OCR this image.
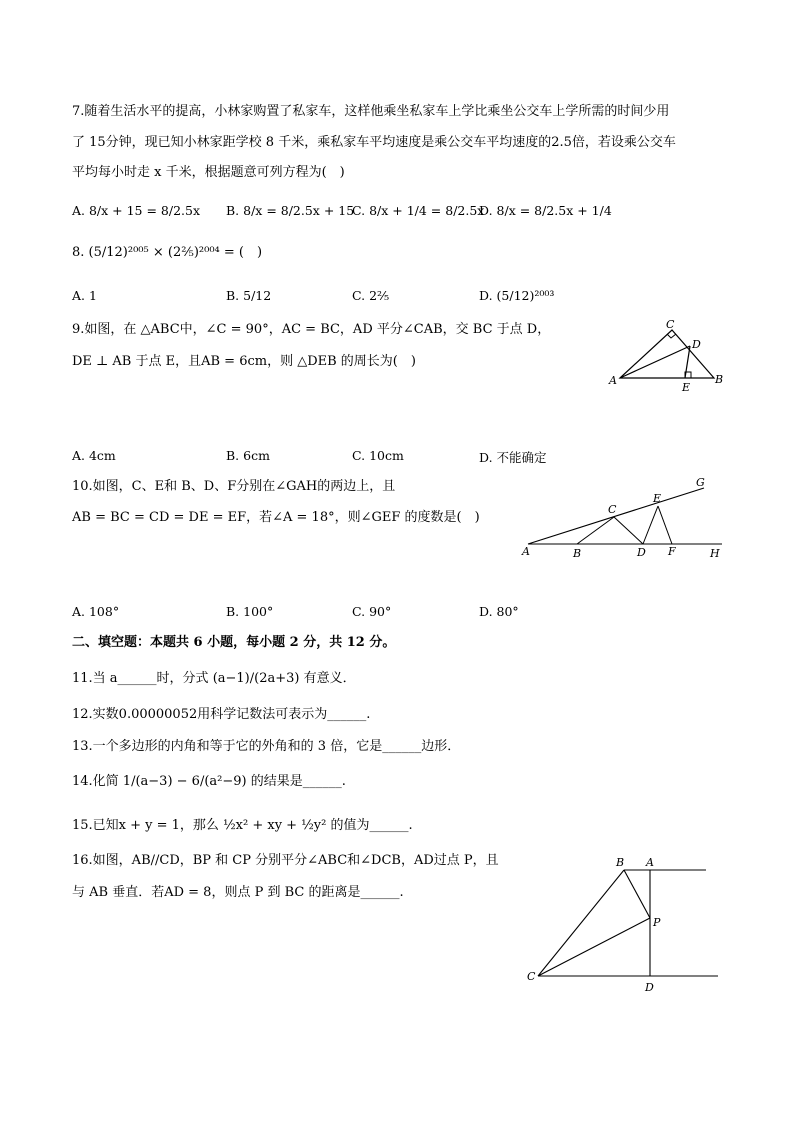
7.随着生活水平的提高，小林家购置了私家车，这样他乘坐私家车上学比乘坐公交车上学所需的时间少用
了 15分钟，现已知小林家距学校 8 千米，乘私家车平均速度是乘公交车平均速度的2.5倍，若设乘公交车
平均每小时走 x 千米，根据题意可列方程为(　)
A. 8/x + 15 = 8/2.5x B. 8/x = 8/2.5x + 15
C. 8/x + 1/4 = 8/2.5x
D. 8/x = 8/2.5x + 1/4
8. (5/12)²⁰⁰⁵ × (2⅖)²⁰⁰⁴ = (　)
A. 1	B. 5/12	C. 2⅖	D. (5/12)²⁰⁰³
9.如图，在 △ABC中，∠C = 90°，AC = BC，AD 平分∠CAB，交 BC 于点 D，
DE ⊥ AB 于点 E，且AB = 6cm，则 △DEB 的周长为(　)
A	B
C
D
E
A. 4cm	B. 6cm	C. 10cm	D. 不能确定
10.如图，C、E和 B、D、F分别在∠GAH的两边上，且
AB = BC = CD = DE = EF，若∠A = 18°，则∠GEF 的度数是(　)
A	B
C
D
E
F
G
H
A. 108°	B. 100°	C. 90°	D. 80°
二、填空题：本题共 6 小题，每小题 2 分，共 12 分。
11.当 a______时，分式 (a−1)/(2a+3) 有意义．
12.实数0.00000052用科学记数法可表示为______.
13.一个多边形的内角和等于它的外角和的 3 倍，它是______边形．
14.化简 1/(a−3) − 6/(a²−9) 的结果是______.
15.已知x + y = 1，那么 ½x² + xy + ½y² 的值为______.
16.如图，AB//CD，BP 和 CP 分别平分∠ABC和∠DCB，AD过点 P，且
与 AB 垂直．若AD = 8，则点 P 到 BC 的距离是______.
B A
P
C
D
